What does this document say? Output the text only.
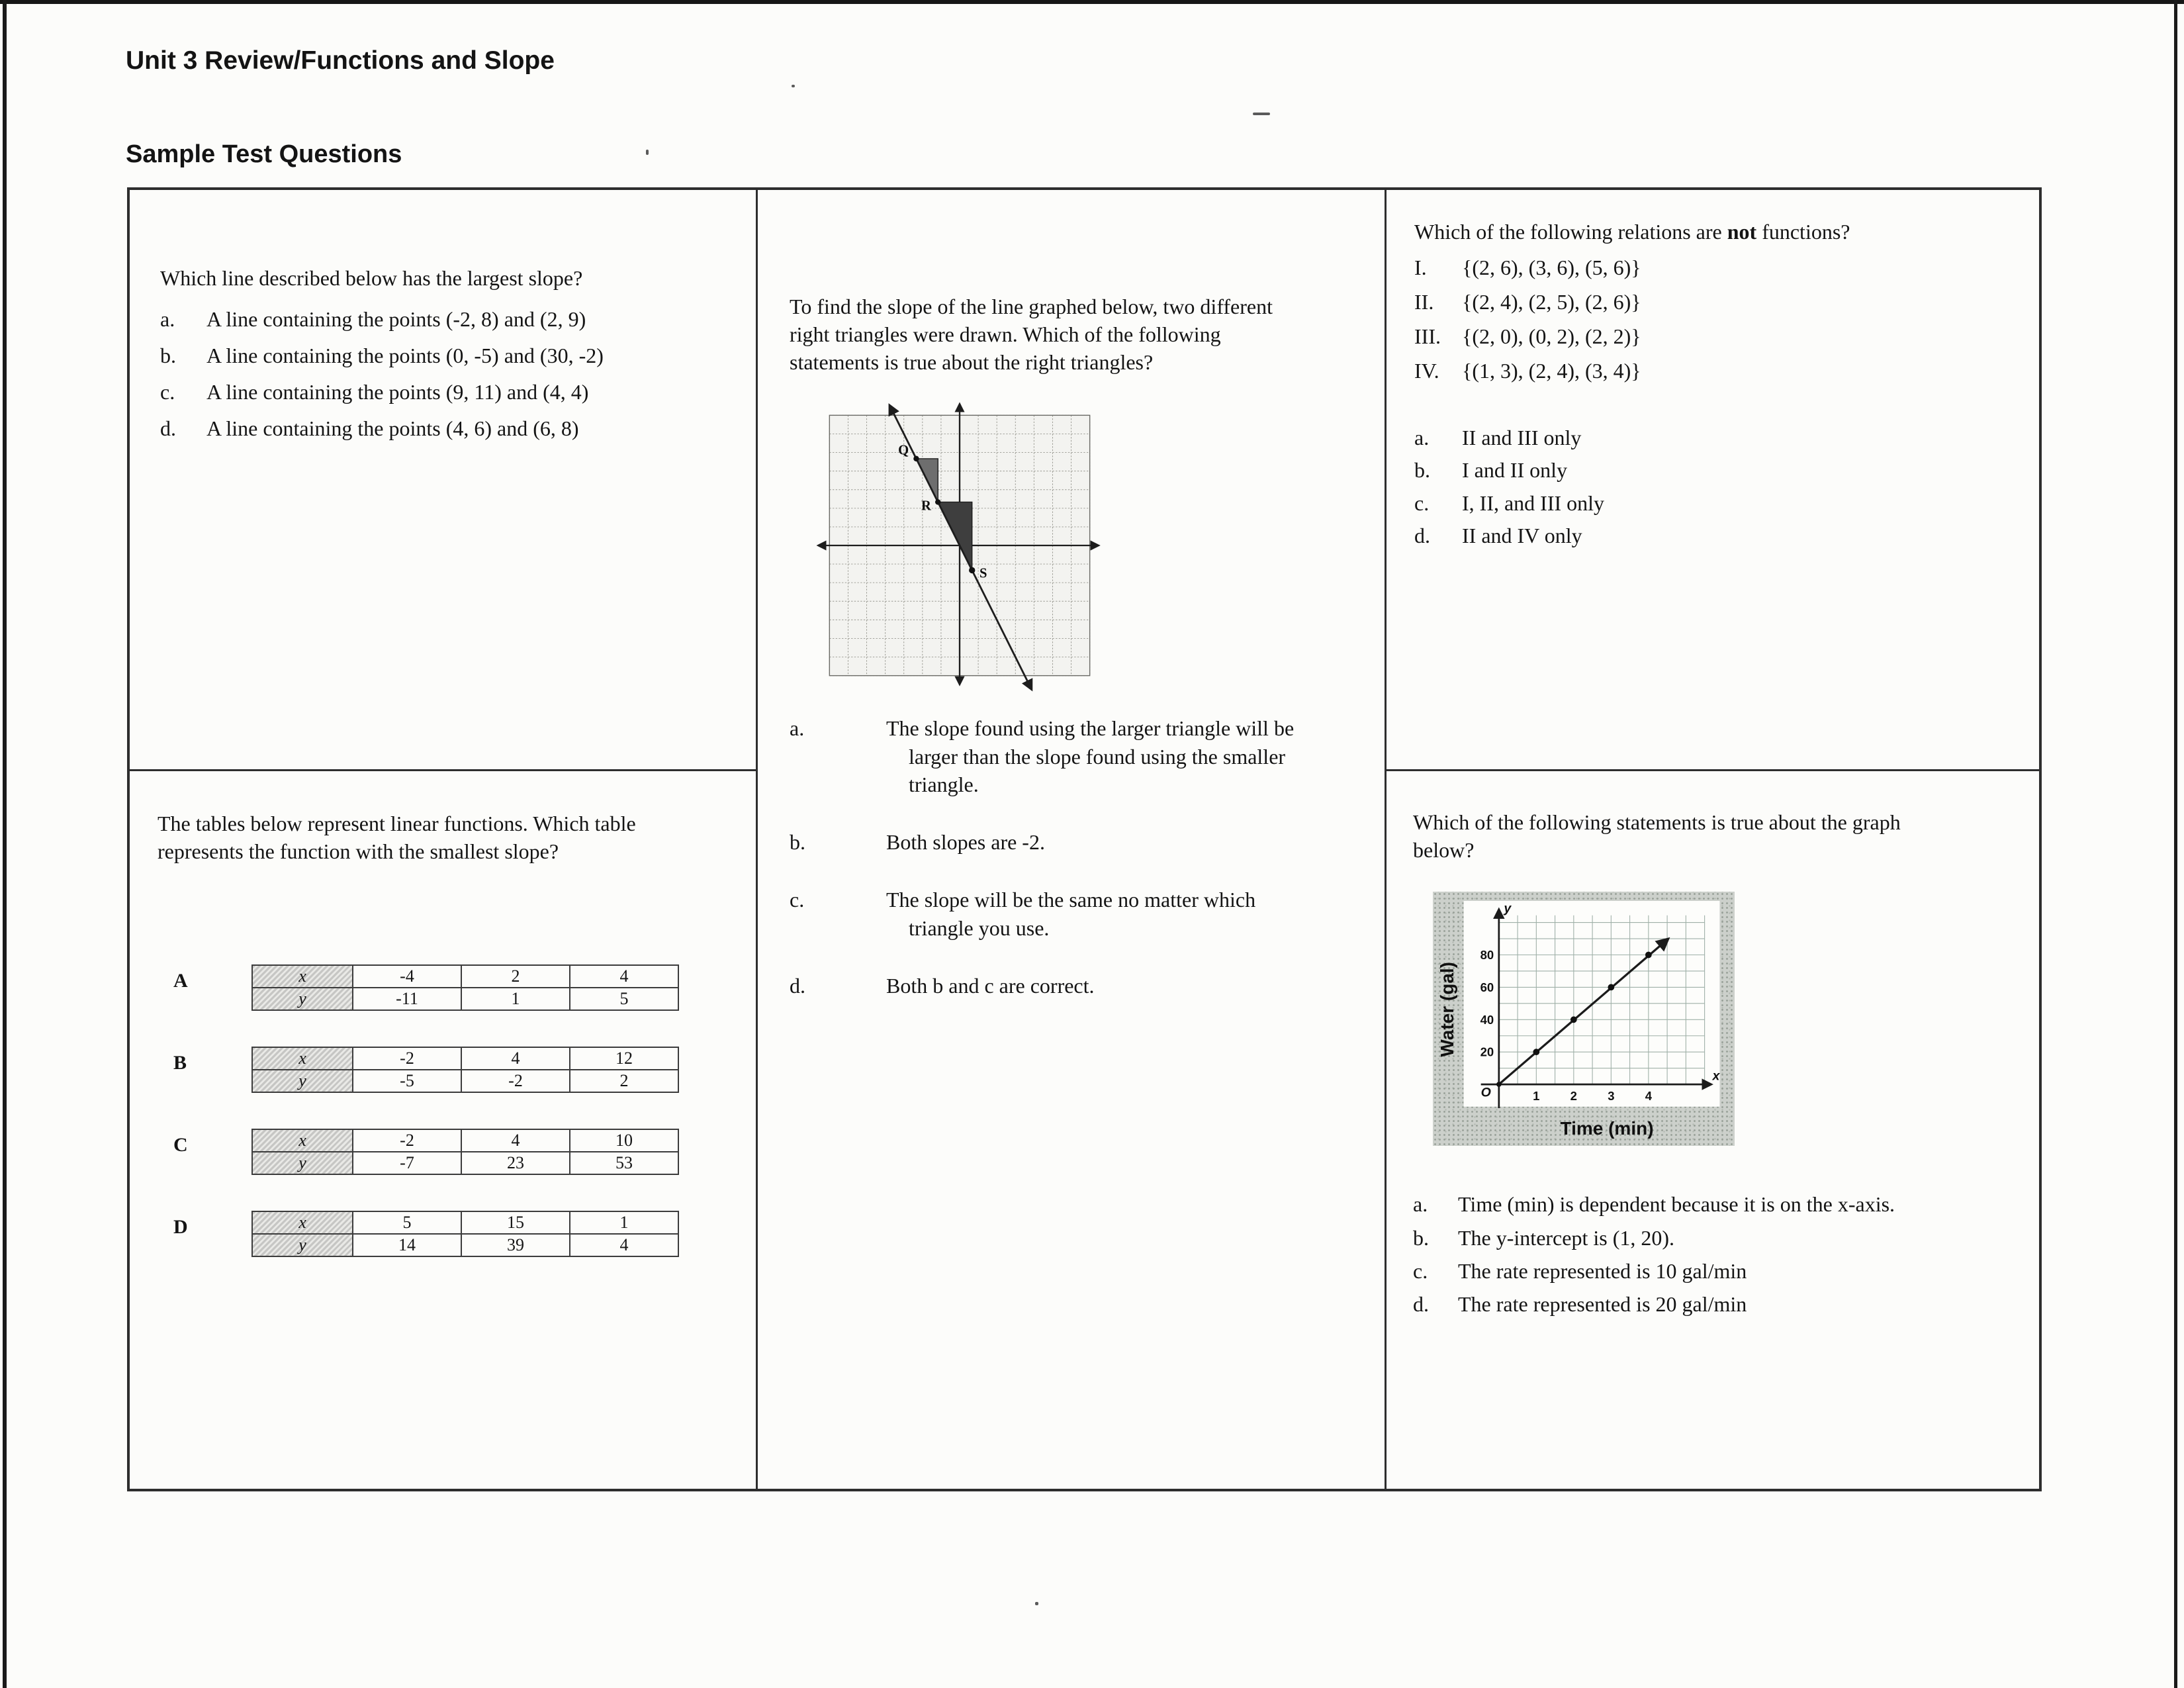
Unit 3 Review/Functions and Slope
Sample Test Questions
Which line described below has the largest slope?
a.	A line containing the points (-2, 8) and (2, 9)
b.	A line containing the points (0, -5) and (30, -2)
c.	A line containing the points (9, 11) and (4, 4)
d.	A line containing the points (4, 6) and (6, 8)
To find the slope of the line graphed below, two different right triangles were drawn. Which of the following statements is true about the right triangles?
Q
R
S
a.	The slope found using the larger triangle will be larger than the slope found using the smaller triangle.
b.	Both slopes are -2.
c.	The slope will be the same no matter which triangle you use.
d.	Both b and c are correct.
Which of the following relations are not functions?
I.	{(2, 6), (3, 6), (5, 6)}
II.	{(2, 4), (2, 5), (2, 6)}
III.	{(2, 0), (0, 2), (2, 2)}
IV.	{(1, 3), (2, 4), (3, 4)}
a.	II and III only
b.	I and II only
c.	I, II, and III only
d.	II and IV only
The tables below represent linear functions. Which table represents the function with the smallest slope?
A	x	-4	2	4
y	-11	1	5
B	x	-2	4	12
y	-5	-2	2
C	x	-2	4	10
y	-7	23	53
D	x	5	15	1
y	14	39	4
Which of the following statements is true about the graph below?
Water (gal)
80
60
40
20
1	2	3	4
O
y
x
Time (min)
a.	Time (min) is dependent because it is on the x-axis.
b.	The y-intercept is (1, 20).
c.	The rate represented is 10 gal/min
d.	The rate represented is 20 gal/min
